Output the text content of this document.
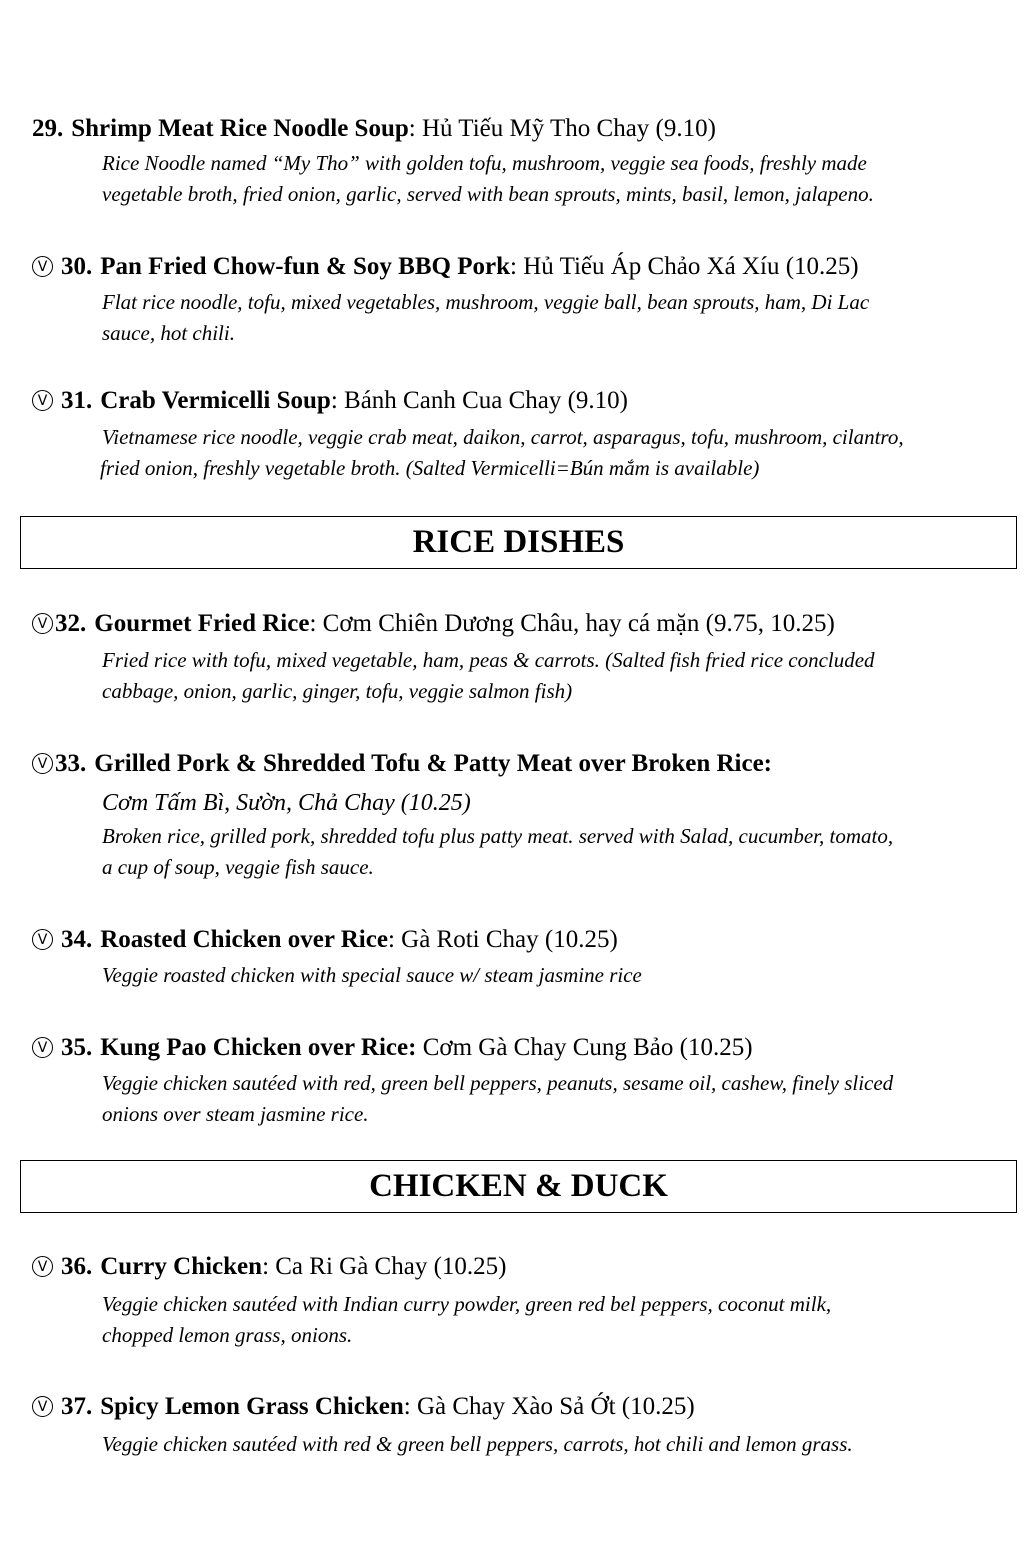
29. Shrimp Meat Rice Noodle Soup: Hủ Tiếu Mỹ Tho Chay (9.10)
Rice Noodle named “My Tho” with golden tofu, mushroom, veggie sea foods, freshly made
vegetable broth, fried onion, garlic, served with bean sprouts, mints, basil, lemon, jalapeno.
V 30. Pan Fried Chow-fun & Soy BBQ Pork: Hủ Tiếu Áp Chảo Xá Xíu (10.25)
Flat rice noodle, tofu, mixed vegetables, mushroom, veggie ball, bean sprouts, ham, Di Lac
sauce, hot chili.
V 31. Crab Vermicelli Soup: Bánh Canh Cua Chay (9.10)
Vietnamese rice noodle, veggie crab meat, daikon, carrot, asparagus, tofu, mushroom, cilantro,
fried onion, freshly vegetable broth. (Salted Vermicelli=Bún mắm is available)
RICE DISHES
V 32. Gourmet Fried Rice: Cơm Chiên Dương Châu, hay cá mặn (9.75, 10.25)
Fried rice with tofu, mixed vegetable, ham, peas & carrots. (Salted fish fried rice concluded
cabbage, onion, garlic, ginger, tofu, veggie salmon fish)
V 33. Grilled Pork & Shredded Tofu & Patty Meat over Broken Rice:
Cơm Tấm Bì, Sườn, Chả Chay (10.25)
Broken rice, grilled pork, shredded tofu plus patty meat. served with Salad, cucumber, tomato,
a cup of soup, veggie fish sauce.
V 34. Roasted Chicken over Rice: Gà Roti Chay (10.25)
Veggie roasted chicken with special sauce w/ steam jasmine rice
V 35. Kung Pao Chicken over Rice: Cơm Gà Chay Cung Bảo (10.25)
Veggie chicken sautéed with red, green bell peppers, peanuts, sesame oil, cashew, finely sliced
onions over steam jasmine rice.
CHICKEN & DUCK
V 36. Curry Chicken: Ca Ri Gà Chay (10.25)
Veggie chicken sautéed with Indian curry powder, green red bel peppers, coconut milk,
chopped lemon grass, onions.
V 37. Spicy Lemon Grass Chicken: Gà Chay Xào Sả Ớt (10.25)
Veggie chicken sautéed with red & green bell peppers, carrots, hot chili and lemon grass.
